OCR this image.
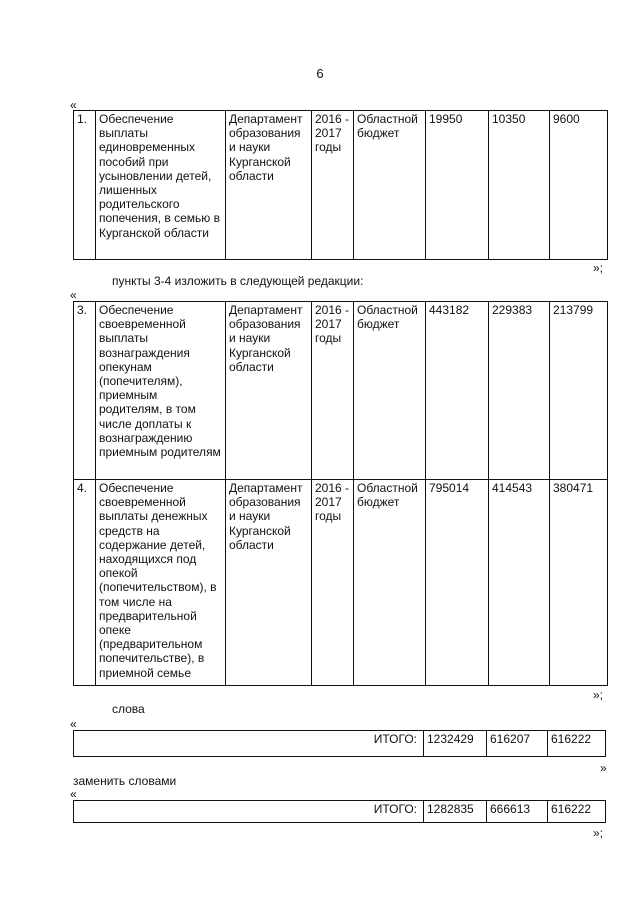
6
«
1.	Обеспечение выплаты единовременных пособий при усыновлении детей, лишенных родительского попечения, в семью в Курганской области	Департамент образования и науки Курганской области	2016 - 2017 годы	Областной бюджет	19950	10350	9600
»;
пункты 3-4 изложить в следующей редакции:
«
3.	Обеспечение своевременной выплаты вознаграждения опекунам (попечителям), приемным родителям, в том числе доплаты к вознаграждению приемным родителям	Департамент образования и науки Курганской области	2016 - 2017 годы	Областной бюджет	443182	229383	213799
4.	Обеспечение своевременной выплаты денежных средств на содержание детей, находящихся под опекой (попечительством), в том числе на предварительной опеке (предварительном попечительстве), в приемной семье	Департамент образования и науки Курганской области	2016 - 2017 годы	Областной бюджет	795014	414543	380471
»;
слова
«
ИТОГО:	1232429	616207	616222
»
заменить словами
«
ИТОГО:	1282835	666613	616222
»;
